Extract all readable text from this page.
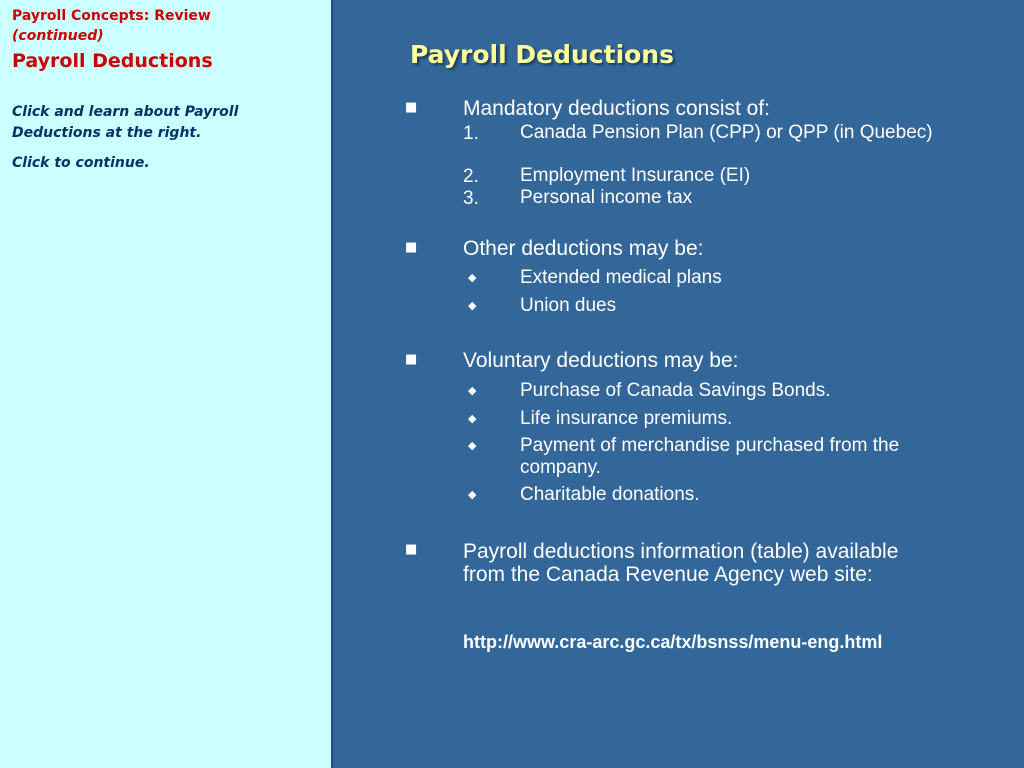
Payroll Concepts: Review
(continued)
Payroll Deductions
Click and learn about Payroll Deductions at the right.
Click to continue.
Payroll Deductions
■ Mandatory deductions consist of:
1. Canada Pension Plan (CPP) or QPP (in Quebec)
2. Employment Insurance (EI)
3. Personal income tax
■ Other deductions may be:
◆ Extended medical plans
◆ Union dues
■ Voluntary deductions may be:
◆ Purchase of Canada Savings Bonds.
◆ Life insurance premiums.
◆ Payment of merchandise purchased from the company.
◆ Charitable donations.
■ Payroll deductions information (table) available from the Canada Revenue Agency web site:
http://www.cra-arc.gc.ca/tx/bsnss/menu-eng.html
